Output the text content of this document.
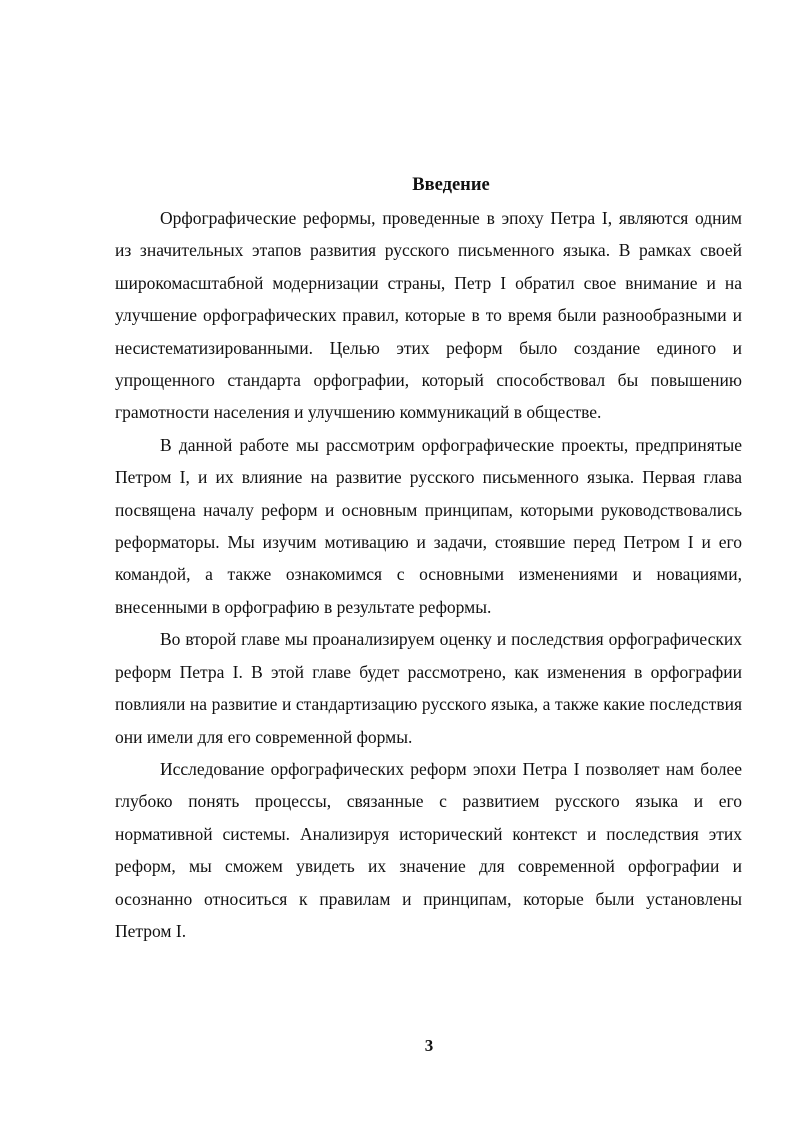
Введение

Орфографические реформы, проведенные в эпоху Петра I, являются одним из значительных этапов развития русского письменного языка. В рамках своей широкомасштабной модернизации страны, Петр I обратил свое внимание и на улучшение орфографических правил, которые в то время были разнообразными и несистематизированными. Целью этих реформ было создание единого и упрощенного стандарта орфографии, который способствовал бы повышению грамотности населения и улучшению коммуникаций в обществе.

В данной работе мы рассмотрим орфографические проекты, предпринятые Петром I, и их влияние на развитие русского письменного языка. Первая глава посвящена началу реформ и основным принципам, которыми руководствовались реформаторы. Мы изучим мотивацию и задачи, стоявшие перед Петром I и его командой, а также ознакомимся с основными изменениями и новациями, внесенными в орфографию в результате реформы.

Во второй главе мы проанализируем оценку и последствия орфографических реформ Петра I. В этой главе будет рассмотрено, как изменения в орфографии повлияли на развитие и стандартизацию русского языка, а также какие последствия они имели для его современной формы.

Исследование орфографических реформ эпохи Петра I позволяет нам более глубоко понять процессы, связанные с развитием русского языка и его нормативной системы. Анализируя исторический контекст и последствия этих реформ, мы сможем увидеть их значение для современной орфографии и осознанно относиться к правилам и принципам, которые были установлены Петром I.

3
